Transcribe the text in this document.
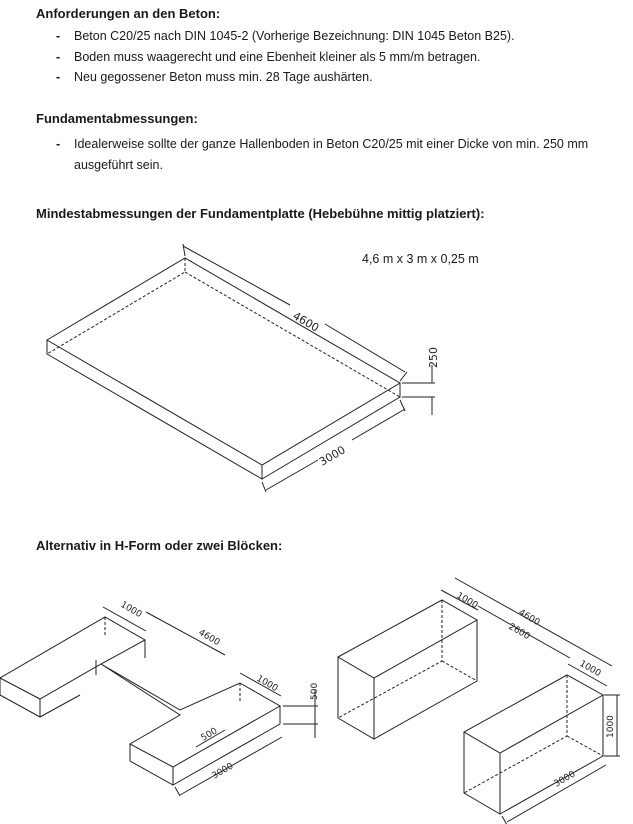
Anforderungen an den Beton:
- Beton C20/25 nach DIN 1045-2 (Vorherige Bezeichnung: DIN 1045 Beton B25).
- Boden muss waagerecht und eine Ebenheit kleiner als 5 mm/m betragen.
- Neu gegossener Beton muss min. 28 Tage aushärten.
Fundamentabmessungen:
- Idealerweise sollte der ganze Hallenboden in Beton C20/25 mit einer Dicke von min. 250 mm ausgeführt sein.
Mindestabmessungen der Fundamentplatte (Hebebühne mittig platziert):
4,6 m x 3 m x 0,25 m
Alternativ in H-Form oder zwei Blöcken:
4600
3000
250
1000
4600
1000	500
500
3000
1000
4600
2600
1000
1000
3000
